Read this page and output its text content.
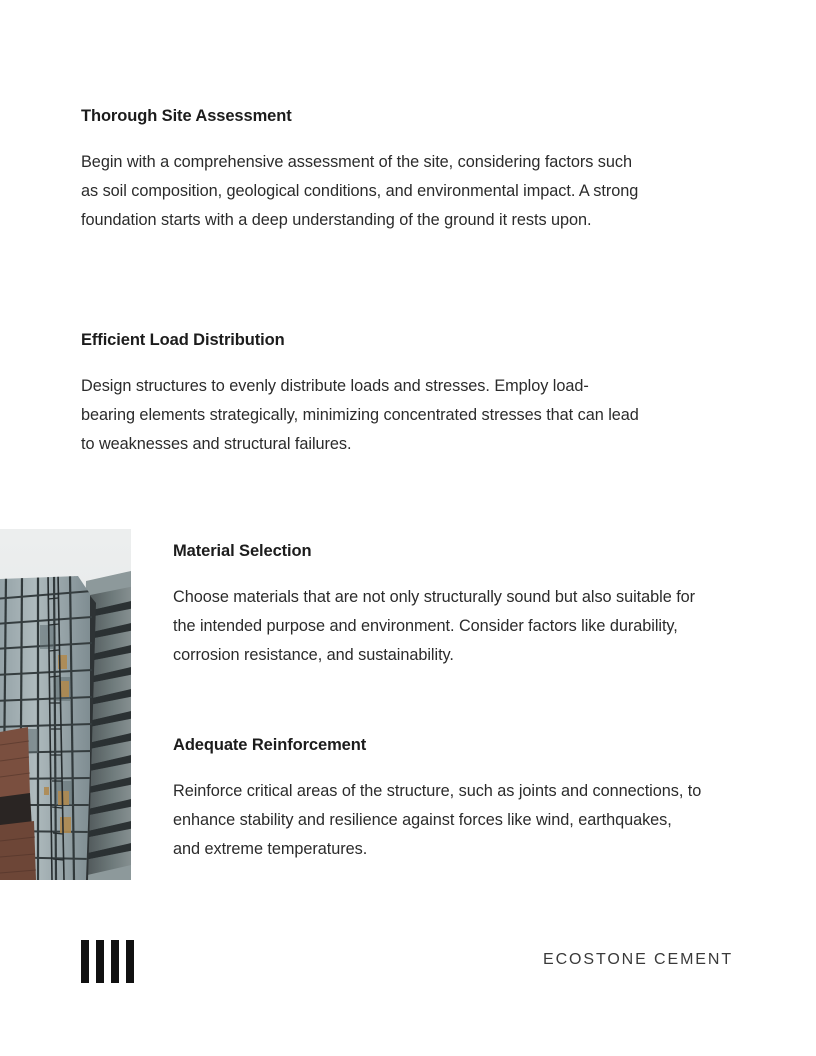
Thorough Site Assessment

Begin with a comprehensive assessment of the site, considering factors such as soil composition, geological conditions, and environmental impact. A strong foundation starts with a deep understanding of the ground it rests upon.

Efficient Load Distribution

Design structures to evenly distribute loads and stresses. Employ load-bearing elements strategically, minimizing concentrated stresses that can lead to weaknesses and structural failures.

Material Selection

Choose materials that are not only structurally sound but also suitable for the intended purpose and environment. Consider factors like durability, corrosion resistance, and sustainability.

Adequate Reinforcement

Reinforce critical areas of the structure, such as joints and connections, to enhance stability and resilience against forces like wind, earthquakes, and extreme temperatures.

ECOSTONE CEMENT
